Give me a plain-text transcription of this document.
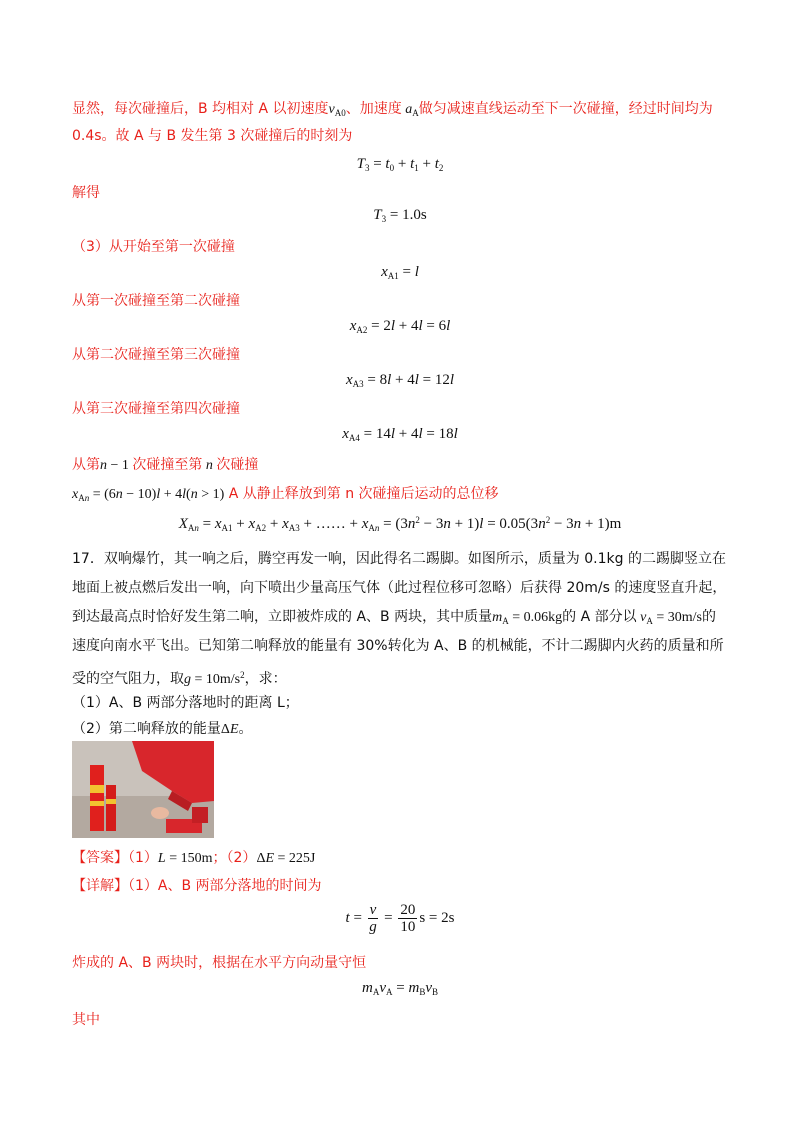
显然，每次碰撞后，B 均相对 A 以初速度$v_{A0}$、加速度 $a_A$做匀减速直线运动至下一次碰撞，经过时间均为
0.4s。故 A 与 B 发生第 3 次碰撞后的时刻为
$T_3 = t_0 + t_1 + t_2$
解得
$T_3 = 1.0s$
（3）从开始至第一次碰撞
$x_{A1} = l$
从第一次碰撞至第二次碰撞
$x_{A2} = 2l + 4l = 6l$
从第二次碰撞至第三次碰撞
$x_{A3} = 8l + 4l = 12l$
从第三次碰撞至第四次碰撞
$x_{A4} = 14l + 4l = 18l$
从第n − 1 次碰撞至第 n 次碰撞
$x_{An} = (6n - 10)l + 4l(n > 1)$ A 从静止释放到第 n 次碰撞后运动的总位移
$X_{An} = x_{A1} + x_{A2} + x_{A3}$ + …… + $x_{An} = (3n^2 - 3n + 1)l = 0.05(3n^2 - 3n + 1)m$
17．双响爆竹，其一响之后，腾空再发一响，因此得名二踢脚。如图所示，质量为 0.1kg 的二踢脚竖立在
地面上被点燃后发出一响，向下喷出少量高压气体（此过程位移可忽略）后获得 20m/s 的速度竖直升起，
到达最高点时恰好发生第二响，立即被炸成的 A、B 两块，其中质量$m_A = 0.06kg$的 A 部分以 $v_A = 30m/s$的
速度向南水平飞出。已知第二响释放的能量有 30%转化为 A、B 的机械能，不计二踢脚内火药的质量和所
受的空气阻力，取$g = 10m/s^2$，求：
（1）A、B 两部分落地时的距离 L；
（2）第二响释放的能量ΔE。
【答案】（1）L = 150m；（2）ΔE = 225J
【详解】（1）A、B 两部分落地的时间为
$t = \frac{v}{g} = \frac{20}{10}$ s = 2s
炸成的 A、B 两块时，根据在水平方向动量守恒
$m_Av_A = m_Bv_B$
其中
